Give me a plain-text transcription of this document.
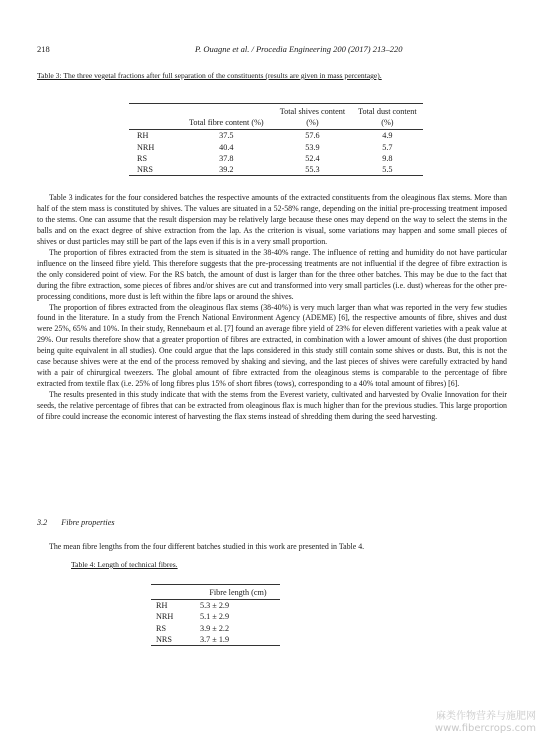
218	P. Ouagne et al. / Procedia Engineering 200 (2017) 213–220
Table 3: The three vegetal fractions after full separation of the constituents (results are given in mass percentage).
	Total fibre content (%)	Total shives content (%)	Total dust content (%)
RH	37.5	57.6	4.9
NRH	40.4	53.9	5.7
RS	37.8	52.4	9.8
NRS	39.2	55.3	5.5

Table 3 indicates for the four considered batches the respective amounts of the extracted constituents from the oleaginous flax stems. More than half of the stem mass is constituted by shives. The values are situated in a 52-58% range, depending on the initial pre-processing treatment imposed to the stems. One can assume that the result dispersion may be relatively large because these ones may depend on the way to select the stems in the balls and on the exact degree of shive extraction from the lap. As the criterion is visual, some variations may happen and some small pieces of shives or dust particles may still be part of the laps even if this is in a very small proportion.

The proportion of fibres extracted from the stem is situated in the 38-40% range. The influence of retting and humidity do not have particular influence on the linseed fibre yield. This therefore suggests that the pre-processing treatments are not influential if the degree of fibre extraction is the only considered point of view. For the RS batch, the amount of dust is larger than for the three other batches. This may be due to the fact that during the fibre extraction, some pieces of fibres and/or shives are cut and transformed into very small particles (i.e. dust) whereas for the other pre-processing conditions, more dust is left within the fibre laps or around the shives.

The proportion of fibres extracted from the oleaginous flax stems (38-40%) is very much larger than what was reported in the very few studies found in the literature. In a study from the French National Environment Agency (ADEME) [6], the respective amounts of fibre, shives and dust were 25%, 65% and 10%. In their study, Rennebaum et al. [7] found an average fibre yield of 23% for eleven different varieties with a peak value at 29%. Our results therefore show that a greater proportion of fibres are extracted, in combination with a lower amount of shives (the dust proportion being quite equivalent in all studies). One could argue that the laps considered in this study still contain some shives or dusts. But, this is not the case because shives were at the end of the process removed by shaking and sieving, and the last pieces of shives were carefully extracted by hand with a pair of chirurgical tweezers. The global amount of fibre extracted from the oleaginous stems is comparable to the percentage of fibre extracted from textile flax (i.e. 25% of long fibres plus 15% of short fibres (tows), corresponding to a 40% total amount of fibres) [6].

The results presented in this study indicate that with the stems from the Everest variety, cultivated and harvested by Ovalie Innovation for their seeds, the relative percentage of fibres that can be extracted from oleaginous flax is much higher than for the previous studies. This large proportion of fibre could increase the economic interest of harvesting the flax stems instead of shredding them during the seed harvesting.

3.2 Fibre properties
The mean fibre lengths from the four different batches studied in this work are presented in Table 4.
Table 4: Length of technical fibres.
	Fibre length (cm)
RH	5.3 ± 2.9
NRH	5.1 ± 2.9
RS	3.9 ± 2.2
NRS	3.7 ± 1.9
麻类作物营养与施肥网
www.fibercrops.com
